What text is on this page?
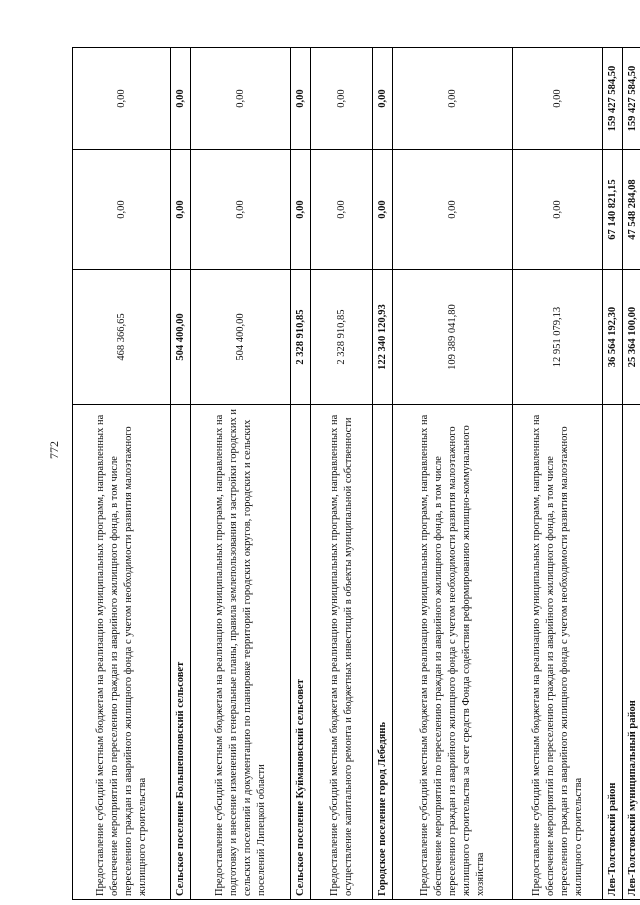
772	Предоставление субсидий местным бюджетам на реализацию муниципальных программ, направленных на обеспечение мероприятий по переселению граждан из аварийного жилищного фонда, в том числе переселению граждан из аварийного жилищного фонда с учетом необходимости развития малоэтажного жилищного строительства	468 366,65	0,00	0,00
Сельское поселение Большепоповский сельсовет	504 400,00	0,00	0,00
Предоставление субсидий местным бюджетам на реализацию муниципальных программ, направленных на подготовку и внесение изменений в генеральные планы, правила землепользования и застройки городских и сельских поселений и документацию по планировке территорий городских округов, городских и сельских поселений Липецкой области	504 400,00	0,00	0,00
Сельское поселение Куймановский сельсовет	2 328 910,85	0,00	0,00
Предоставление субсидий местным бюджетам на реализацию муниципальных программ, направленных на осуществление капитального ремонта и бюджетных инвестиций в объекты муниципальной собственности	2 328 910,85	0,00	0,00
Городское поселение город Лебедянь	122 340 120,93	0,00	0,00
Предоставление субсидий местным бюджетам на реализацию муниципальных программ, направленных на обеспечение мероприятий по переселению граждан из аварийного жилищного фонда, в том числе переселению граждан из аварийного жилищного фонда с учетом необходимости развития малоэтажного жилищного строительства за счет средств Фонда содействия реформированию жилищно-коммунального хозяйства	109 389 041,80	0,00	0,00
Предоставление субсидий местным бюджетам на реализацию муниципальных программ, направленных на обеспечение мероприятий по переселению граждан из аварийного жилищного фонда, в том числе переселению граждан из аварийного жилищного фонда с учетом необходимости развития малоэтажного жилищного строительства	12 951 079,13	0,00	0,00
Лев-Толстовский район	36 564 192,30	67 140 821,15	159 427 584,50
Лев-Толстовский муниципальный район	25 364 100,00	47 548 284,08	159 427 584,50
